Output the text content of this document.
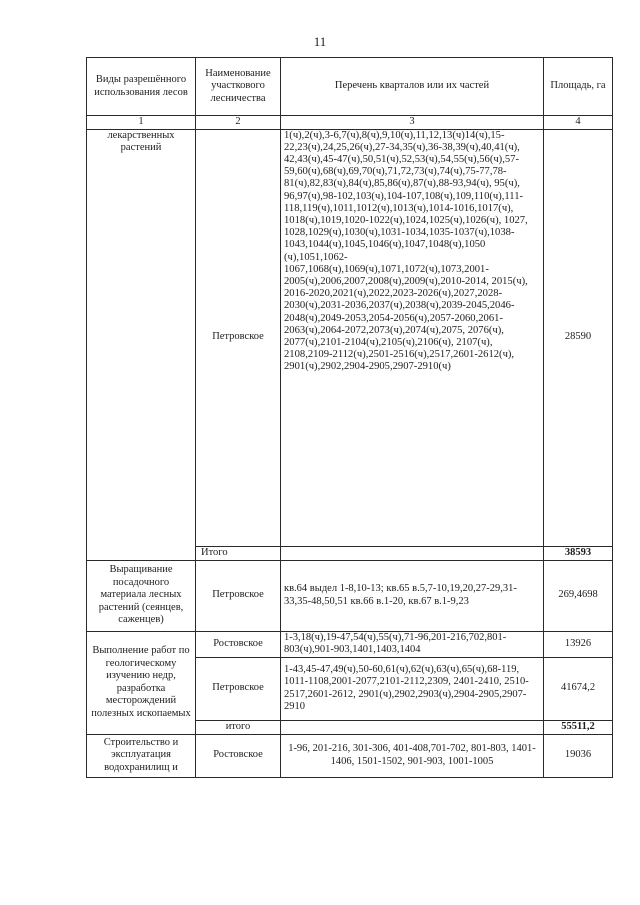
11
Виды разрешённого использования лесов	Наименование участкового лесничества	Перечень кварталов или их частей	Площадь, га
1	2	3	4
лекарственных растений	Петровское	1(ч),2(ч),3-6,7(ч),8(ч),9,10(ч),11,12,13(ч)14(ч),15-22,23(ч),24,25,26(ч),27-34,35(ч),36-38,39(ч),40,41(ч), 42,43(ч),45-47(ч),50,51(ч),52,53(ч),54,55(ч),56(ч),57-59,60(ч),68(ч),69,70(ч),71,72,73(ч),74(ч),75-77,78-81(ч),82,83(ч),84(ч),85,86(ч),87(ч),88-93,94(ч), 95(ч), 96,97(ч),98-102,103(ч),104-107,108(ч),109,110(ч),111-118,119(ч),1011,1012(ч),1013(ч),1014-1016,1017(ч), 1018(ч),1019,1020-1022(ч),1024,1025(ч),1026(ч), 1027, 1028,1029(ч),1030(ч),1031-1034,1035-1037(ч),1038-1043,1044(ч),1045,1046(ч),1047,1048(ч),1050 (ч),1051,1062-1067,1068(ч),1069(ч),1071,1072(ч),1073,2001-2005(ч),2006,2007,2008(ч),2009(ч),2010-2014, 2015(ч), 2016-2020,2021(ч),2022,2023-2026(ч),2027,2028-2030(ч),2031-2036,2037(ч),2038(ч),2039-2045,2046-2048(ч),2049-2053,2054-2056(ч),2057-2060,2061-2063(ч),2064-2072,2073(ч),2074(ч),2075, 2076(ч), 2077(ч),2101-2104(ч),2105(ч),2106(ч), 2107(ч), 2108,2109-2112(ч),2501-2516(ч),2517,2601-2612(ч), 2901(ч),2902,2904-2905,2907-2910(ч)	28590
	Итого		38593
Выращивание посадочного материала лесных растений (сеянцев, саженцев)	Петровское	кв.64 выдел 1-8,10-13; кв.65 в.5,7-10,19,20,27-29,31-33,35-48,50,51 кв.66 в.1-20, кв.67 в.1-9,23	269,4698
Выполнение работ по геологическому изучению недр, разработка месторождений полезных ископаемых	Ростовское	1-3,18(ч),19-47,54(ч),55(ч),71-96,201-216,702,801-803(ч),901-903,1401,1403,1404	13926
	Петровское	1-43,45-47,49(ч),50-60,61(ч),62(ч),63(ч),65(ч),68-119, 1011-1108,2001-2077,2101-2112,2309, 2401-2410, 2510-2517,2601-2612, 2901(ч),2902,2903(ч),2904-2905,2907-2910	41674,2
	итого		55511,2
Строительство и эксплуатация водохранилищ и	Ростовское	1-96, 201-216, 301-306, 401-408,701-702, 801-803, 1401-1406, 1501-1502, 901-903, 1001-1005	19036
